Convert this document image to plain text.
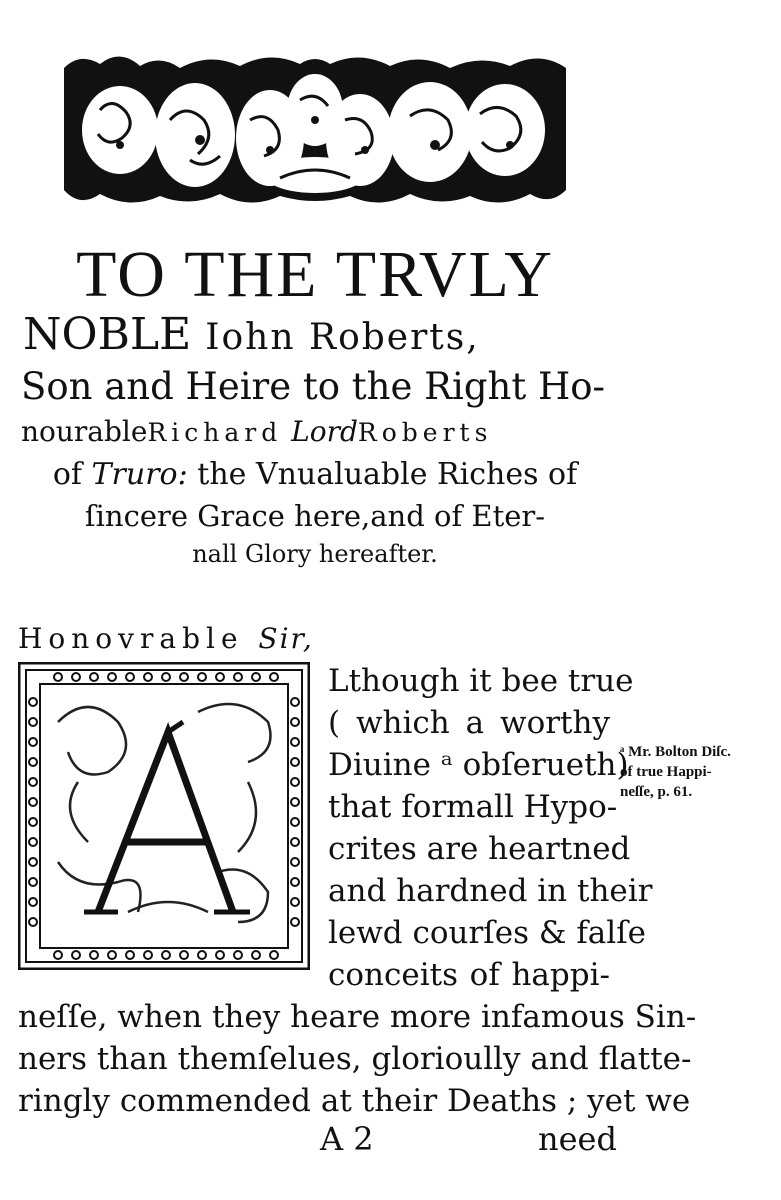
TO THE TRVLY
NOBLE Iohn Roberts,
Son and Heire to the Right Ho-
nourableRichard LordRoberts
of Truro: the Vnualuable Riches of
ſincere Grace here,and of Eter-
nall Glory hereafter.
Honovrable Sir,
Lthough it bee true
( which a worthy
Diuine ᵃ obſerueth)
that formall Hypo-
crites are heartned
and hardned in their
lewd courſes & falſe
conceits of happi-
neſſe, when they heare more infamous Sin-
ners than themſelues, glorioully and flatte-
ringly commended at their Deaths ; yet we
A 2	need
ᵃ Mr. Bolton Diſc.
of true Happi-
neſſe, p. 61.
